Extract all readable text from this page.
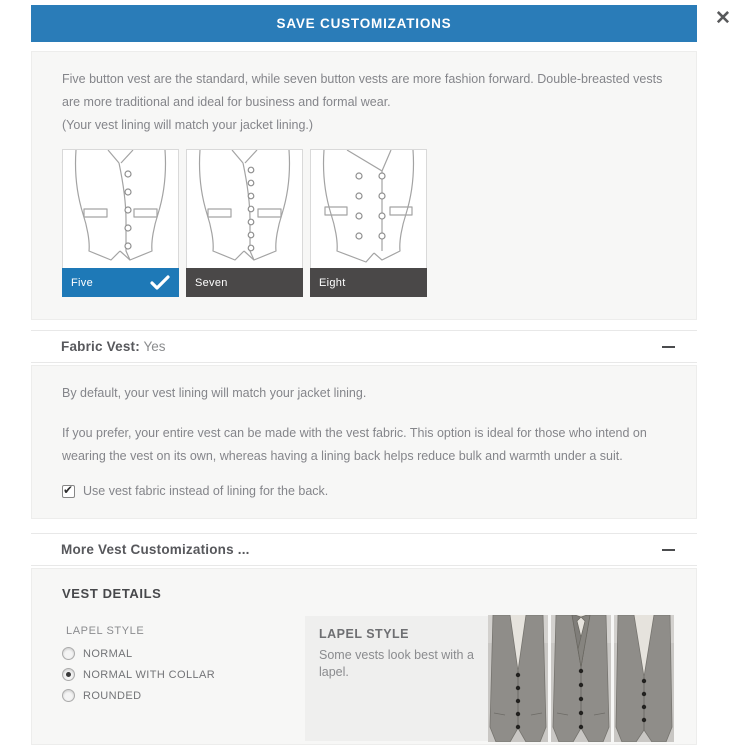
SAVE CUSTOMIZATIONS	✕

Five button vest are the standard, while seven button vests are more fashion forward. Double-breasted vests are more traditional and ideal for business and formal wear.

(Your vest lining will match your jacket lining.)

Five	Seven	Eight
Fabric Vest: Yes

By default, your vest lining will match your jacket lining.

If you prefer, your entire vest can be made with the vest fabric. This option is ideal for those who intend on wearing the vest on its own, whereas having a lining back helps reduce bulk and warmth under a suit.

✔ Use vest fabric instead of lining for the back.
More Vest Customizations ...
VEST DETAILS
LAPEL STYLE
NORMAL
NORMAL WITH COLLAR
ROUNDED
LAPEL STYLE
Some vests look best with a lapel.
